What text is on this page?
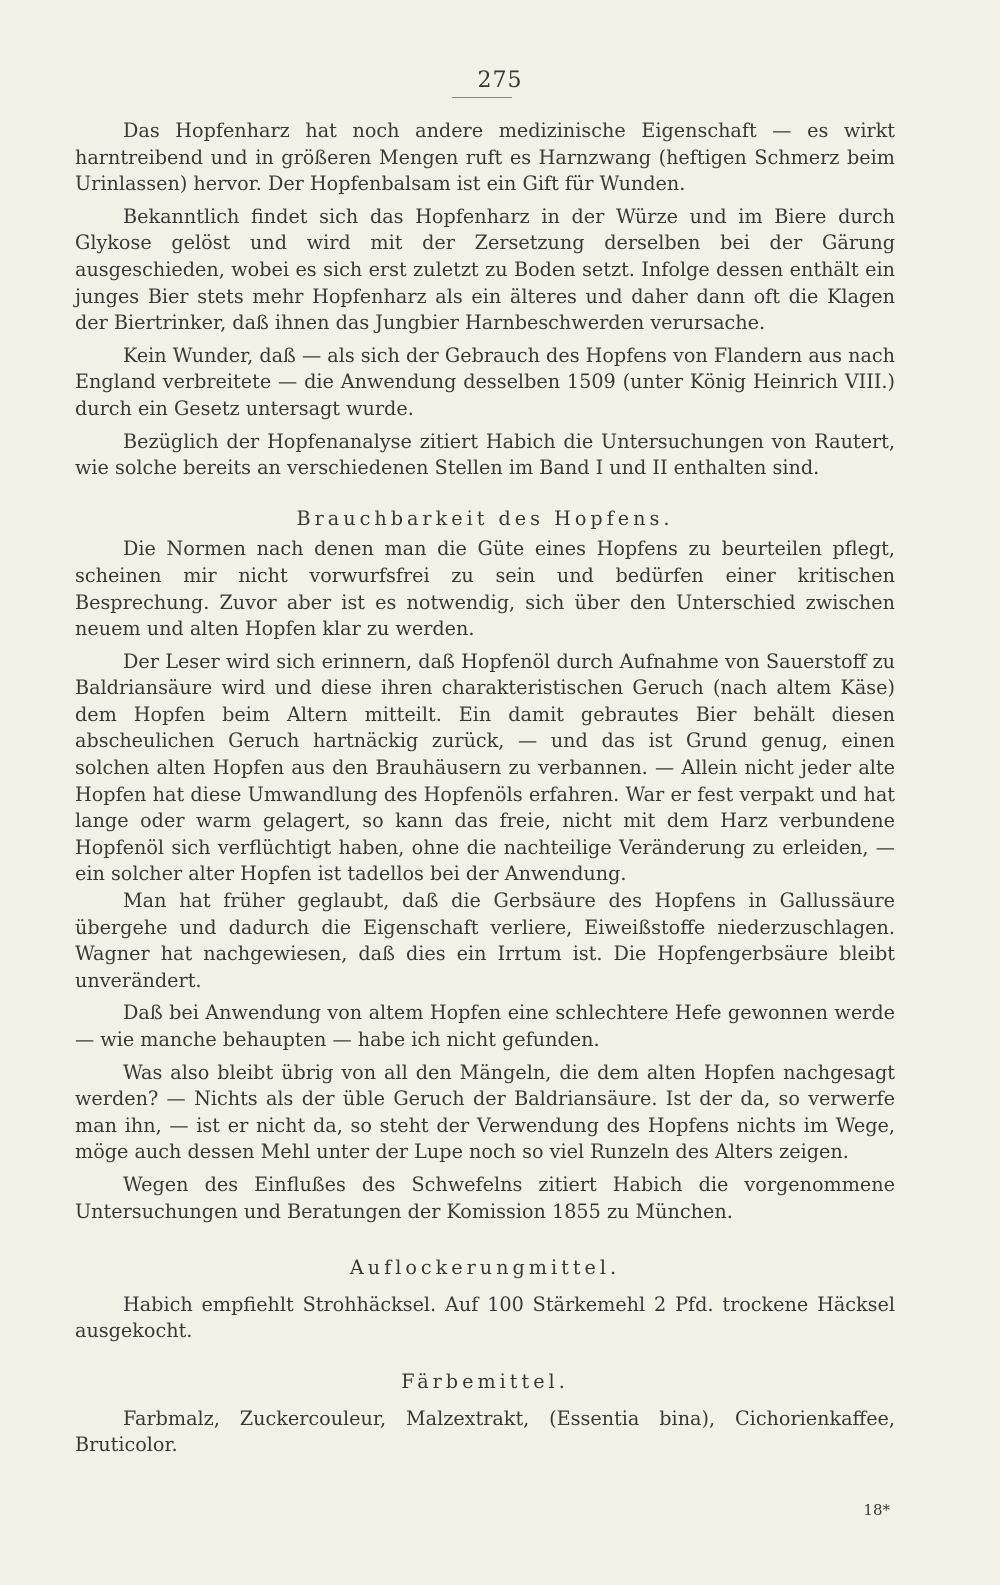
275

Das Hopfenharz hat noch andere medizinische Eigenschaft — es wirkt harntreibend und in größeren Mengen ruft es Harnzwang (heftigen Schmerz beim Urinlassen) hervor. Der Hopfenbalsam ist ein Gift für Wunden.

Bekanntlich findet sich das Hopfenharz in der Würze und im Biere durch Glykose gelöst und wird mit der Zersetzung derselben bei der Gärung ausgeschieden, wobei es sich erst zuletzt zu Boden setzt. Infolge dessen enthält ein junges Bier stets mehr Hopfenharz als ein älteres und daher dann oft die Klagen der Biertrinker, daß ihnen das Jungbier Harnbeschwerden verursache.

Kein Wunder, daß — als sich der Gebrauch des Hopfens von Flandern aus nach England verbreitete — die Anwendung desselben 1509 (unter König Heinrich VIII.) durch ein Gesetz untersagt wurde.

Bezüglich der Hopfenanalyse zitiert Habich die Untersuchungen von Rautert, wie solche bereits an verschiedenen Stellen im Band I und II enthalten sind.

Brauchbarkeit des Hopfens.

Die Normen nach denen man die Güte eines Hopfens zu beurteilen pflegt, scheinen mir nicht vorwurfsfrei zu sein und bedürfen einer kritischen Besprechung. Zuvor aber ist es notwendig, sich über den Unterschied zwischen neuem und alten Hopfen klar zu werden.

Der Leser wird sich erinnern, daß Hopfenöl durch Aufnahme von Sauerstoff zu Baldriansäure wird und diese ihren charakteristischen Geruch (nach altem Käse) dem Hopfen beim Altern mitteilt. Ein damit gebrautes Bier behält diesen abscheulichen Geruch hartnäckig zurück, — und das ist Grund genug, einen solchen alten Hopfen aus den Brauhäusern zu verbannen. — Allein nicht jeder alte Hopfen hat diese Umwandlung des Hopfenöls erfahren. War er fest verpakt und hat lange oder warm gelagert, so kann das freie, nicht mit dem Harz verbundene Hopfenöl sich verflüchtigt haben, ohne die nachteilige Veränderung zu erleiden, — ein solcher alter Hopfen ist tadellos bei der Anwendung.

Man hat früher geglaubt, daß die Gerbsäure des Hopfens in Gallussäure übergehe und dadurch die Eigenschaft verliere, Eiweißstoffe niederzuschlagen. Wagner hat nachgewiesen, daß dies ein Irrtum ist. Die Hopfengerbsäure bleibt unverändert.

Daß bei Anwendung von altem Hopfen eine schlechtere Hefe gewonnen werde — wie manche behaupten — habe ich nicht gefunden.

Was also bleibt übrig von all den Mängeln, die dem alten Hopfen nachgesagt werden? — Nichts als der üble Geruch der Baldriansäure. Ist der da, so verwerfe man ihn, — ist er nicht da, so steht der Verwendung des Hopfens nichts im Wege, möge auch dessen Mehl unter der Lupe noch so viel Runzeln des Alters zeigen.

Wegen des Einflußes des Schwefelns zitiert Habich die vorgenommene Untersuchungen und Beratungen der Komission 1855 zu München.

Auflockerungmittel.

Habich empfiehlt Strohhäcksel. Auf 100 Stärkemehl 2 Pfd. trockene Häcksel ausgekocht.

Färbemittel.

Farbmalz, Zuckercouleur, Malzextrakt, (Essentia bina), Cichorienkaffee, Bruticolor.

18*
